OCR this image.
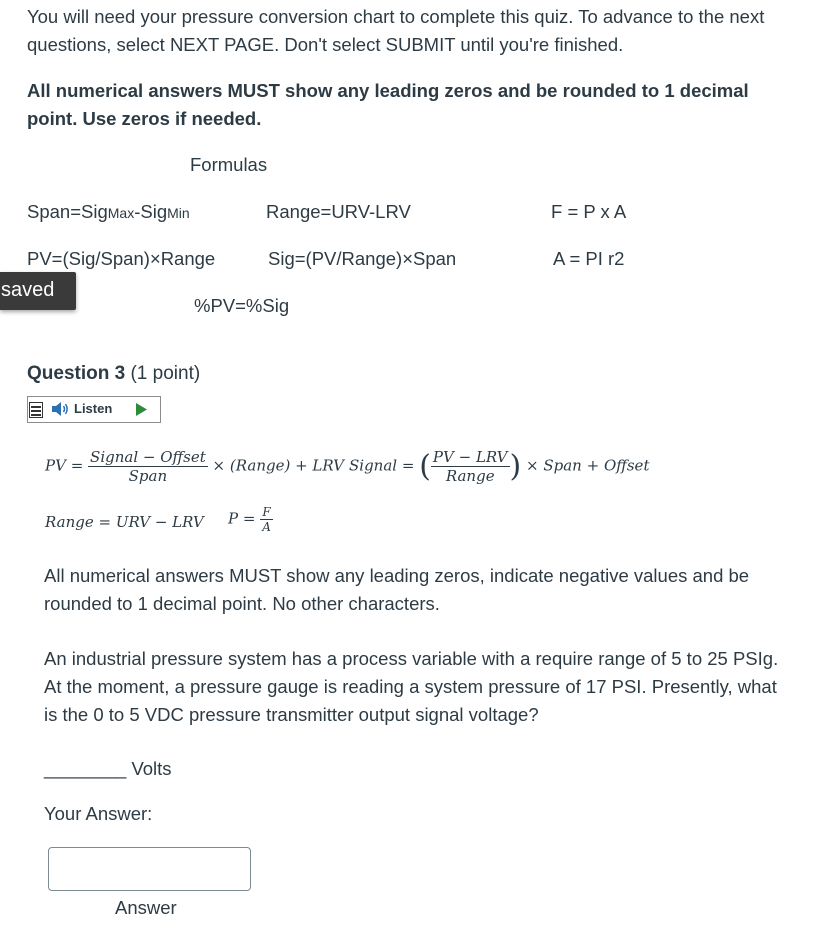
You will need your pressure conversion chart to complete this quiz. To advance to the next questions, select NEXT PAGE. Don't select SUBMIT until you're finished.
All numerical answers MUST show any leading zeros and be rounded to 1 decimal point. Use zeros if needed.
Formulas
Span=SigMax-SigMin	Range=URV-LRV	F = P x A
PV=(Sig/Span)×Range	Sig=(PV/Range)×Span	A = PI r2
saved
%PV=%Sig
Question 3 (1 point)
Listen
PV = $\frac{\text{Signal − Offset}}{\text{Span}}$ × (Range) + LRV Signal = ( $\frac{\text{PV − LRV}}{\text{Range}}$ ) × Span + Offset
Range = URV − LRV $P = \frac{F}{A}$
All numerical answers MUST show any leading zeros, indicate negative values and be rounded to 1 decimal point. No other characters.
An industrial pressure system has a process variable with a require range of 5 to 25 PSIg. At the moment, a pressure gauge is reading a system pressure of 17 PSI. Presently, what is the 0 to 5 VDC pressure transmitter output signal voltage?
________ Volts
Your Answer:
Answer
